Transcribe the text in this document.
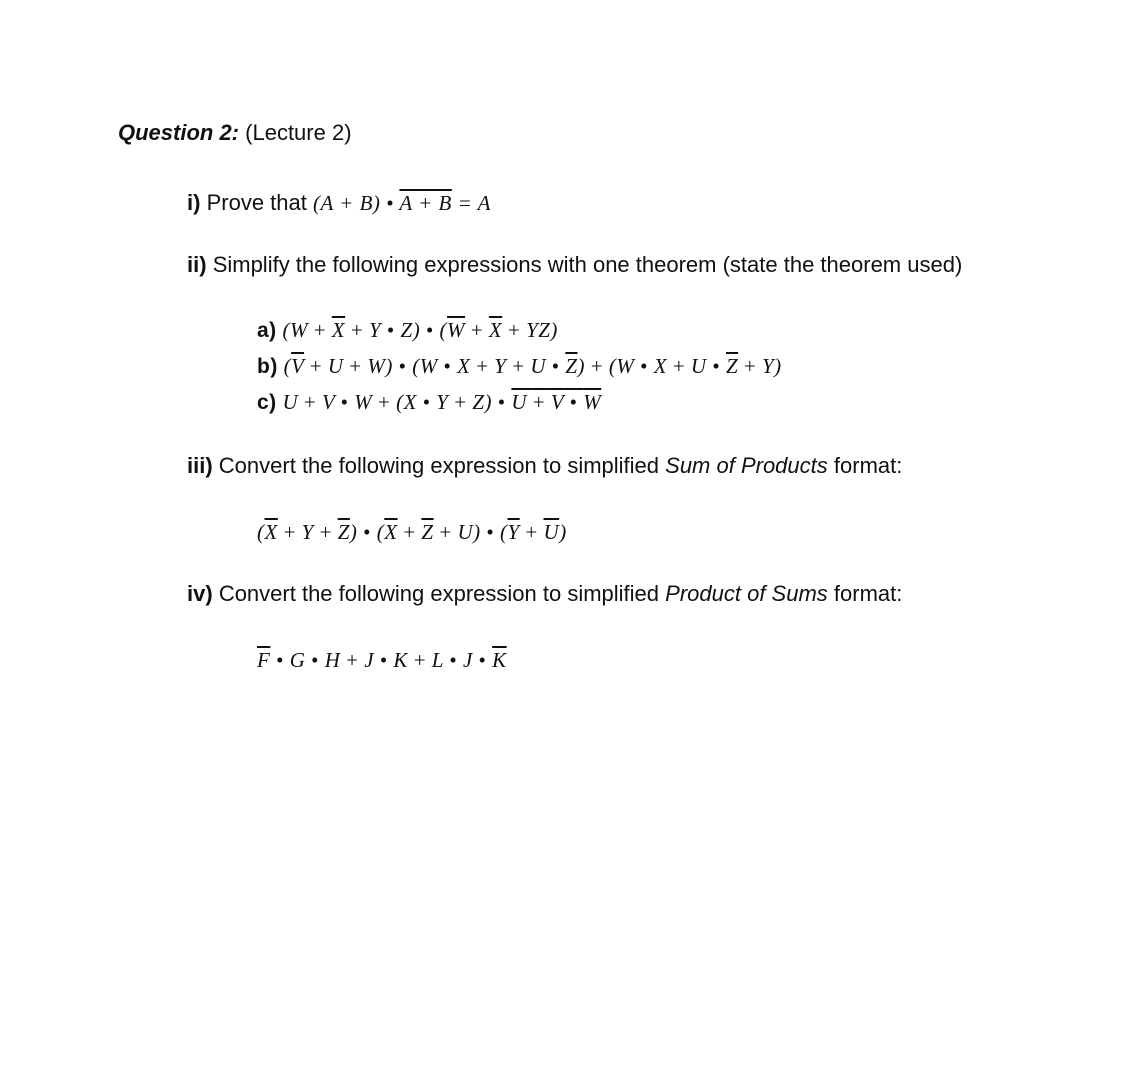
Question 2: (Lecture 2)
i) Prove that (A + B) • A + B = A
ii) Simplify the following expressions with one theorem (state the theorem used)
a) ($W + \overline{X} + Y$ • Z) • $(\overline{W} + \overline{X} + YZ)$
b) $(\overline{V} + U + W)$ • (W • X + Y + U • $\overline{Z}) + (W$ • X + U • $\overline{Z} + Y$)
c) U + V • W + (X • Y + Z) • U + V • W
iii) Convert the following expression to simplified Sum of Products format:
$(\overline{X} + Y + \overline{Z})$ • $(\overline{X} + \overline{Z} + U)$ • $(\overline{Y} + \overline{U})$
iv) Convert the following expression to simplified Product of Sums format:
$\overline{F}$ • G • H + J • K + L • J • $\overline{K}$
